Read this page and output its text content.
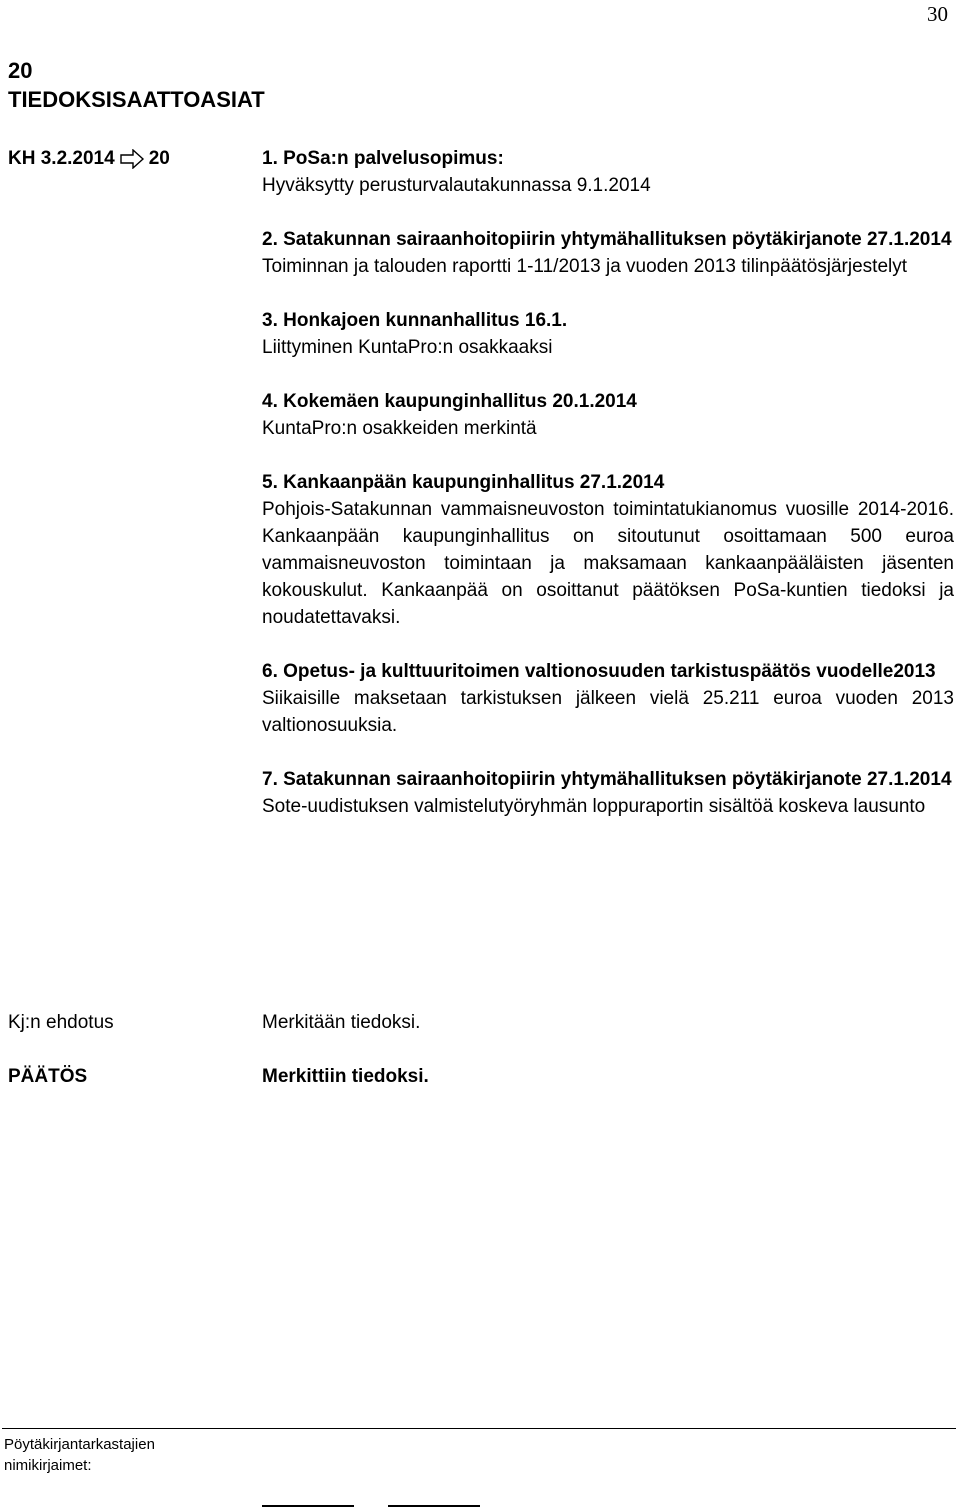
30
20
TIEDOKSISAATTOASIAT
KH 3.2.2014 20	1. PoSa:n palvelusopimus:
Hyväksytty perusturvalautakunnassa 9.1.2014
2. Satakunnan sairaanhoitopiirin yhtymähallituksen pöytäkirjanote 27.1.2014
Toiminnan ja talouden raportti 1-11/2013 ja vuoden 2013 tilinpäätösjärjestelyt
3. Honkajoen kunnanhallitus 16.1.
Liittyminen KuntaPro:n osakkaaksi
4. Kokemäen kaupunginhallitus 20.1.2014
KuntaPro:n osakkeiden merkintä
5. Kankaanpään kaupunginhallitus 27.1.2014
Pohjois-Satakunnan vammaisneuvoston toimintatukianomus vuosille 2014-2016. Kankaanpään kaupunginhallitus on sitoutunut osoittamaan 500 euroa vammaisneuvoston toimintaan ja maksamaan kankaanpääläisten jäsenten kokouskulut. Kankaanpää on osoittanut päätöksen PoSa-kuntien tiedoksi ja noudatettavaksi.
6. Opetus- ja kulttuuritoimen valtionosuuden tarkistuspäätös vuodelle2013
Siikaisille maksetaan tarkistuksen jälkeen vielä 25.211 euroa vuoden 2013 valtionosuuksia.
7. Satakunnan sairaanhoitopiirin yhtymähallituksen pöytäkirjanote 27.1.2014
Sote-uudistuksen valmistelutyöryhmän loppuraportin sisältöä koskeva lausunto
Kj:n ehdotus	Merkitään tiedoksi.
PÄÄTÖS	Merkittiin tiedoksi.
Pöytäkirjantarkastajien
nimikirjaimet:
